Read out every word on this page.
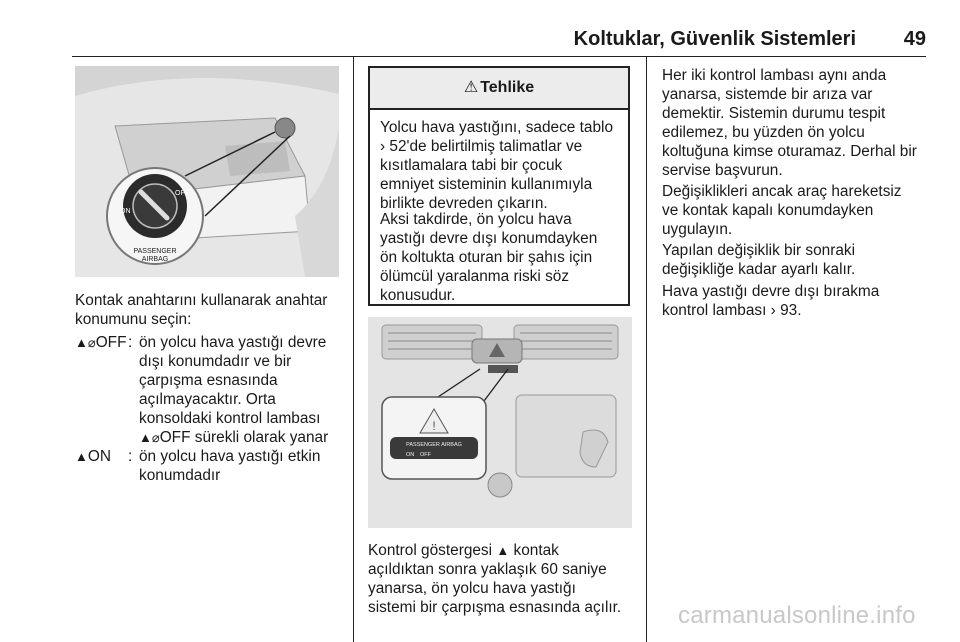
Koltuklar, Güvenlik Sistemleri 49
ON
OFF
PASSENGER
AIRBAG
Kontak anahtarını kullanarak anahtar
konumunu seçin:
▲⌀OFF : ön yolcu hava yastığı devre
dışı konumdadır ve bir
çarpışma esnasında
açılmayacaktır. Orta
konsoldaki kontrol lambası
▲⌀OFF sürekli olarak yanar
▲ON : ön yolcu hava yastığı etkin
konumdadır
⚠ Tehlike
Yolcu hava yastığını, sadece tablo
› 52'de belirtilmiş talimatlar ve
kısıtlamalara tabi bir çocuk
emniyet sisteminin kullanımıyla
birlikte devreden çıkarın.
Aksi takdirde, ön yolcu hava
yastığı devre dışı konumdayken
ön koltukta oturan bir şahıs için
ölümcül yaralanma riski söz
konusudur.
!
PASSENGER AIRBAG
ON OFF
Kontrol göstergesi ▲ kontak
açıldıktan sonra yaklaşık 60 saniye
yanarsa, ön yolcu hava yastığı
sistemi bir çarpışma esnasında açılır.
Her iki kontrol lambası aynı anda
yanarsa, sistemde bir arıza var
demektir. Sistemin durumu tespit
edilemez, bu yüzden ön yolcu
koltuğuna kimse oturamaz. Derhal bir
servise başvurun.
Değişiklikleri ancak araç hareketsiz
ve kontak kapalı konumdayken
uygulayın.
Yapılan değişiklik bir sonraki
değişikliğe kadar ayarlı kalır.
Hava yastığı devre dışı bırakma
kontrol lambası › 93.
carmanualsonline.info
